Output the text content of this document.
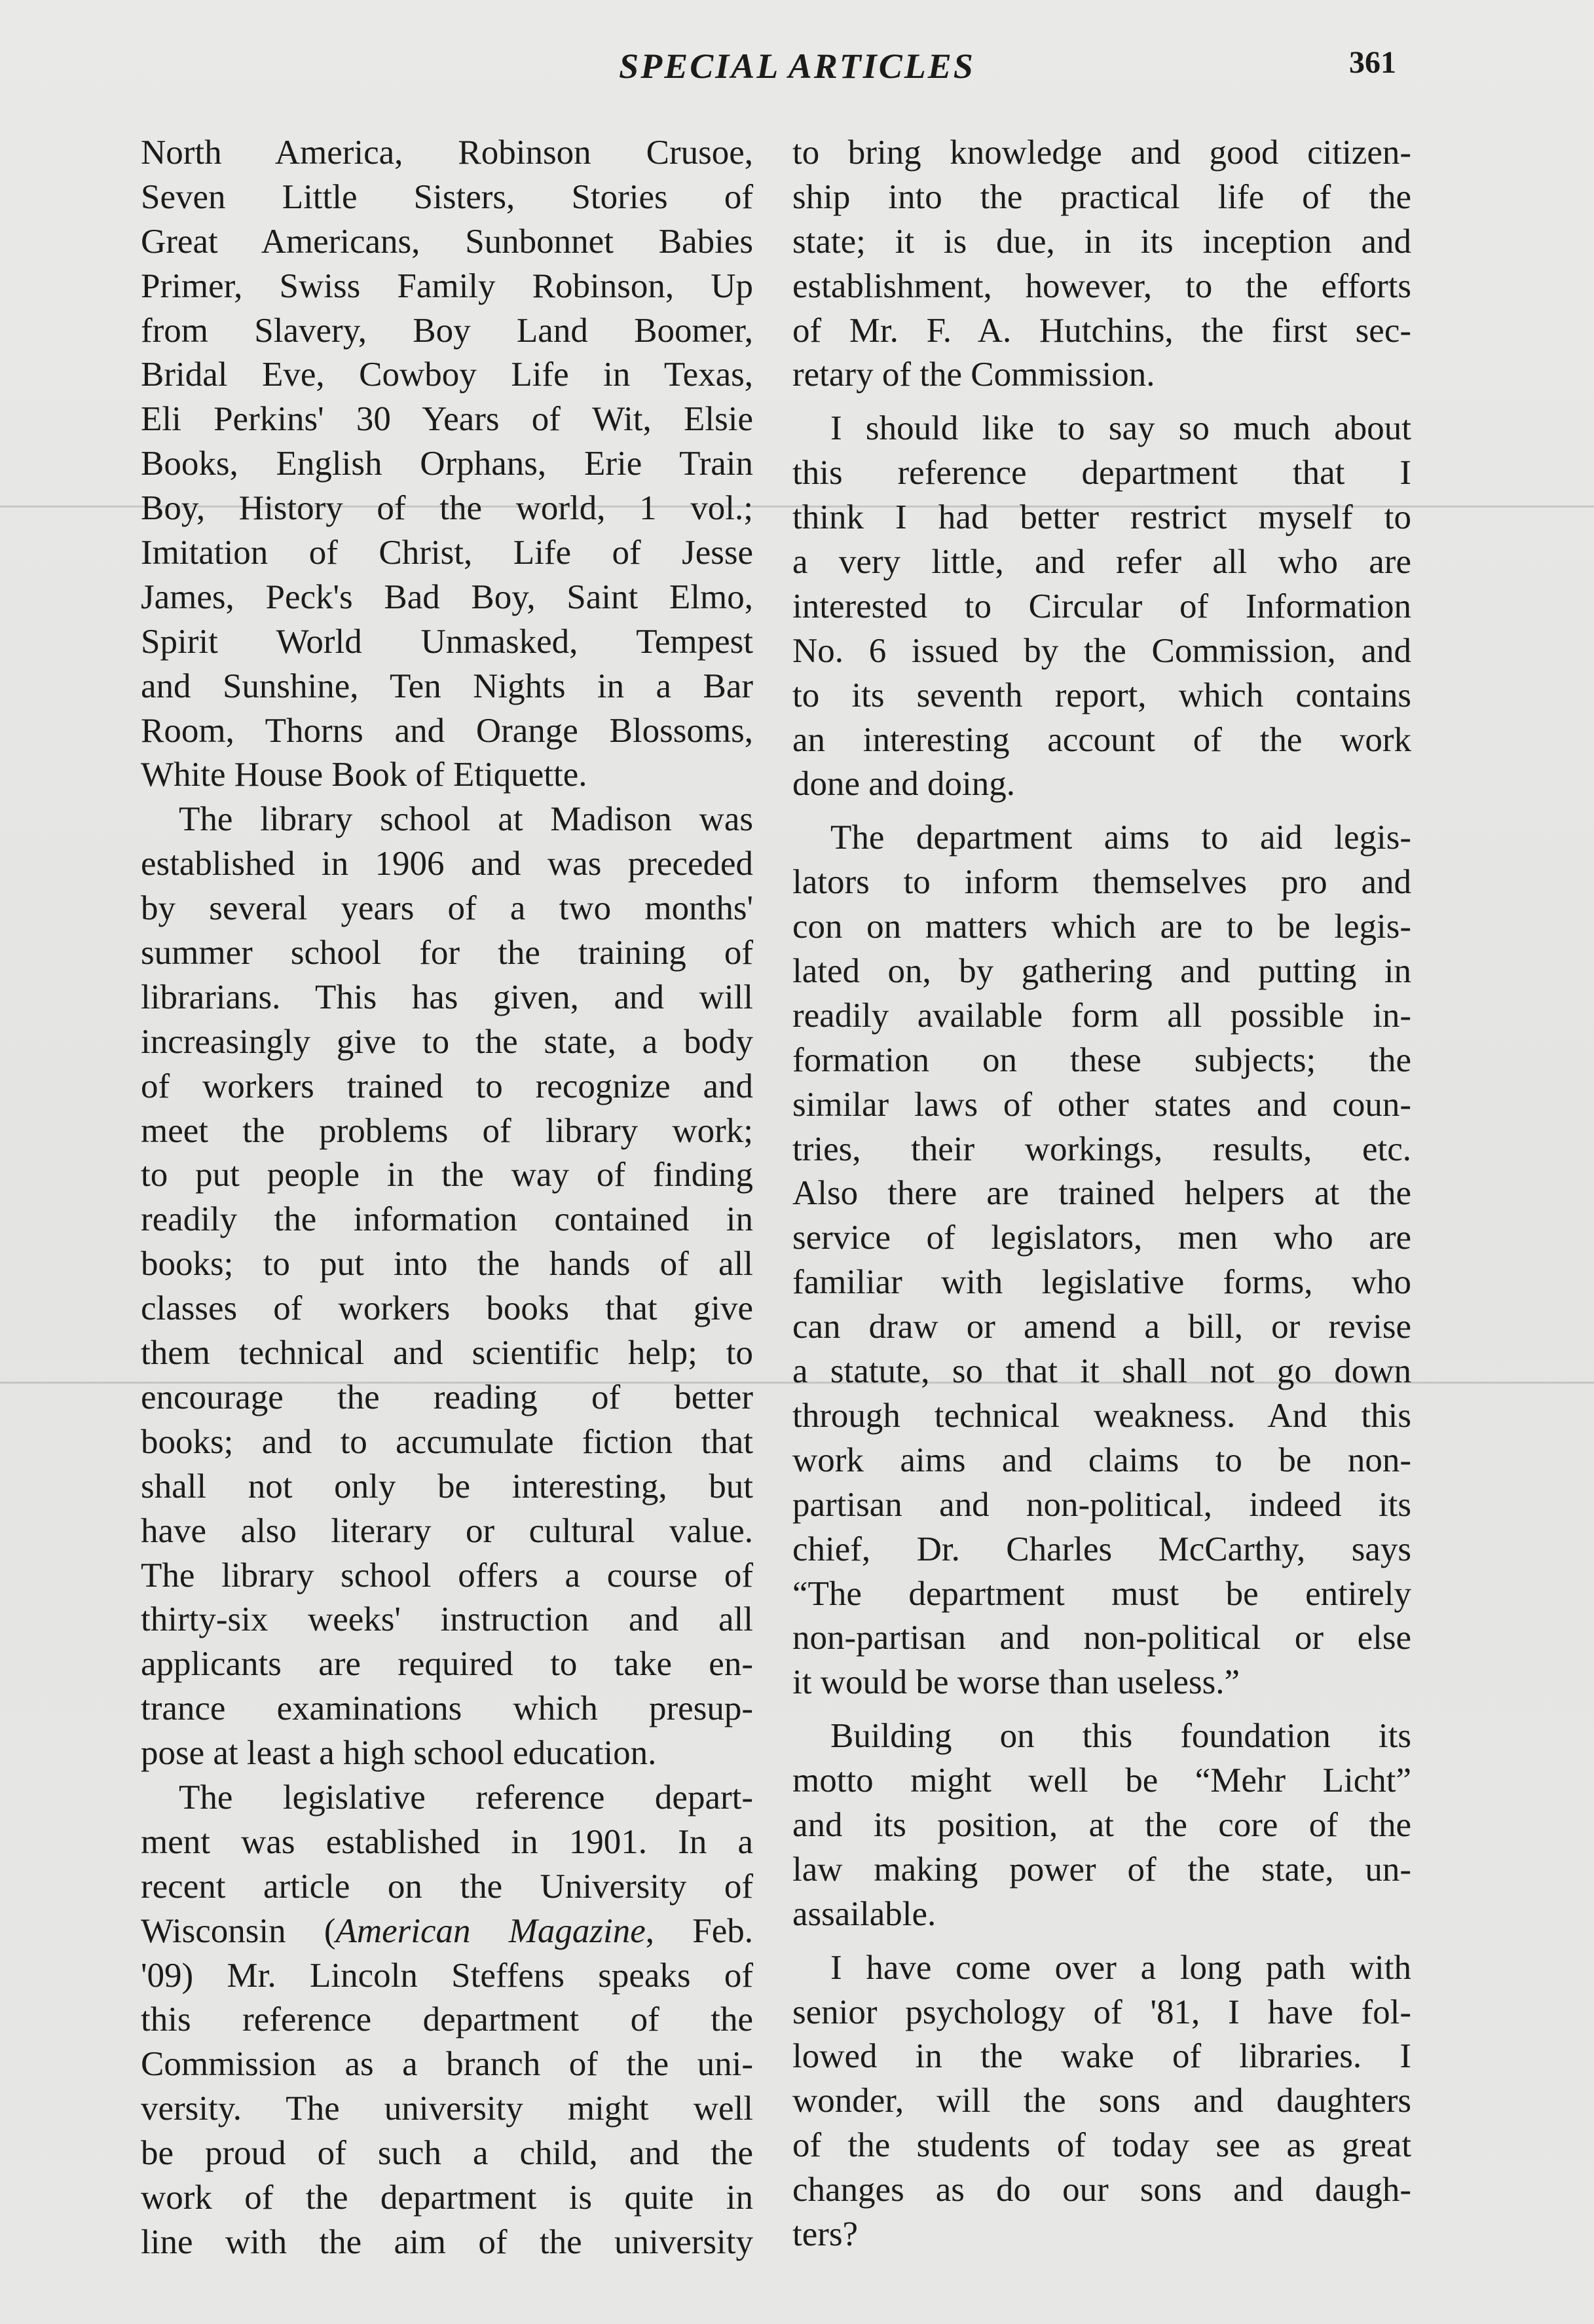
SPECIAL ARTICLES	361
North America, Robinson Crusoe,
Seven Little Sisters, Stories of
Great Americans, Sunbonnet Babies
Primer, Swiss Family Robinson, Up
from Slavery, Boy Land Boomer,
Bridal Eve, Cowboy Life in Texas,
Eli Perkins' 30 Years of Wit, Elsie
Books, English Orphans, Erie Train
Boy, History of the world, 1 vol.;
Imitation of Christ, Life of Jesse
James, Peck's Bad Boy, Saint Elmo,
Spirit World Unmasked, Tempest
and Sunshine, Ten Nights in a Bar
Room, Thorns and Orange Blossoms,
White House Book of Etiquette.
The library school at Madison was
established in 1906 and was preceded
by several years of a two months'
summer school for the training of
librarians. This has given, and will
increasingly give to the state, a body
of workers trained to recognize and
meet the problems of library work;
to put people in the way of finding
readily the information contained in
books; to put into the hands of all
classes of workers books that give
them technical and scientific help; to
encourage the reading of better
books; and to accumulate fiction that
shall not only be interesting, but
have also literary or cultural value.
The library school offers a course of
thirty-six weeks' instruction and all
applicants are required to take en-
trance examinations which presup-
pose at least a high school education.
The legislative reference depart-
ment was established in 1901. In a
recent article on the University of
Wisconsin (American Magazine, Feb.
'09) Mr. Lincoln Steffens speaks of
this reference department of the
Commission as a branch of the uni-
versity. The university might well
be proud of such a child, and the
work of the department is quite in
line with the aim of the university
to bring knowledge and good citizen-
ship into the practical life of the
state; it is due, in its inception and
establishment, however, to the efforts
of Mr. F. A. Hutchins, the first sec-
retary of the Commission.
I should like to say so much about
this reference department that I
think I had better restrict myself to
a very little, and refer all who are
interested to Circular of Information
No. 6 issued by the Commission, and
to its seventh report, which contains
an interesting account of the work
done and doing.
The department aims to aid legis-
lators to inform themselves pro and
con on matters which are to be legis-
lated on, by gathering and putting in
readily available form all possible in-
formation on these subjects; the
similar laws of other states and coun-
tries, their workings, results, etc.
Also there are trained helpers at the
service of legislators, men who are
familiar with legislative forms, who
can draw or amend a bill, or revise
a statute, so that it shall not go down
through technical weakness. And this
work aims and claims to be non-
partisan and non-political, indeed its
chief, Dr. Charles McCarthy, says
“The department must be entirely
non-partisan and non-political or else
it would be worse than useless.”
Building on this foundation its
motto might well be “Mehr Licht”
and its position, at the core of the
law making power of the state, un-
assailable.
I have come over a long path with
senior psychology of '81, I have fol-
lowed in the wake of libraries. I
wonder, will the sons and daughters
of the students of today see as great
changes as do our sons and daugh-
ters?
